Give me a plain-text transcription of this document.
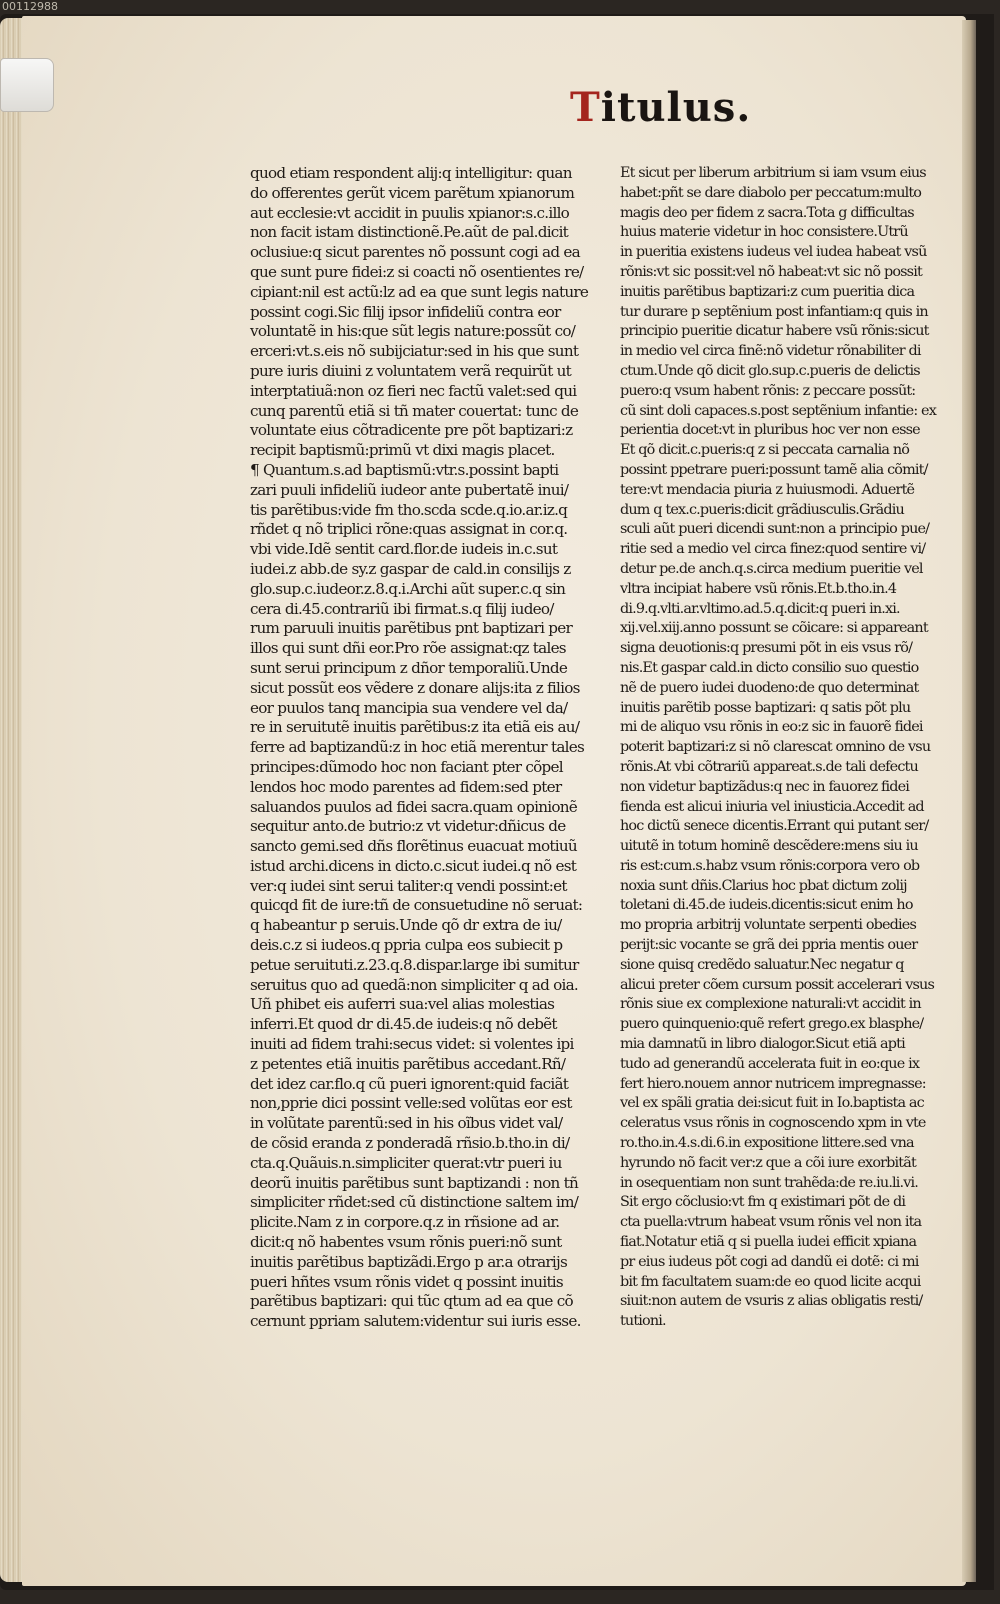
00112988
Titulus.
quod etiam respondent alij:q intelligitur: quan
do offerentes gerũt vicem parẽtum xpianorum
aut ecclesie:vt accidit in puulis xpianor:s.c.illo
non facit istam distinctionẽ.Pe.aũt de pal.dicit
oclusiue:q sicut parentes nõ possunt cogi ad ea
que sunt pure fidei:z si coacti nõ osentientes re/
cipiant:nil est actũ:lz ad ea que sunt legis nature
possint cogi.Sic filij ipsor infideliũ contra eor
voluntatẽ in his:que sũt legis nature:possũt co/
erceri:vt.s.eis nõ subijciatur:sed in his que sunt
pure iuris diuini z voluntatem verã requirũt ut
interptatiuã:non oz fieri nec factũ valet:sed qui
cunq parentũ etiã si tñ mater couertat: tunc de
voluntate eius cõtradicente pre põt baptizari:z
recipit baptismũ:primũ vt dixi magis placet.
¶ Quantum.s.ad baptismũ:vtr.s.possint bapti
zari puuli infideliũ iudeor ante pubertatẽ inui/
tis parẽtibus:vide fm tho.scda scde.q.io.ar.iz.q
rñdet q nõ triplici rõne:quas assignat in cor.q.
vbi vide.Idẽ sentit card.flor.de iudeis in.c.sut
iudei.z abb.de sy.z gaspar de cald.in consilijs z
glo.sup.c.iudeor.z.8.q.i.Archi aũt super.c.q sin
cera di.45.contrariũ ibi firmat.s.q filij iudeo/
rum paruuli inuitis parẽtibus pnt baptizari per
illos qui sunt dñi eor.Pro rõe assignat:qz tales
sunt serui principum z dñor temporaliũ.Unde
sicut possũt eos vẽdere z donare alijs:ita z filios
eor puulos tanq mancipia sua vendere vel da/
re in seruitutẽ inuitis parẽtibus:z ita etiã eis au/
ferre ad baptizandũ:z in hoc etiã merentur tales
principes:dũmodo hoc non faciant pter cõpel
lendos hoc modo parentes ad fidem:sed pter
saluandos puulos ad fidei sacra.quam opinionẽ
sequitur anto.de butrio:z vt videtur:dñicus de
sancto gemi.sed dñs florẽtinus euacuat motiuũ
istud archi.dicens in dicto.c.sicut iudei.q nõ est
ver:q iudei sint serui taliter:q vendi possint:et
quicqd fit de iure:tñ de consuetudine nõ seruat:
q habeantur p seruis.Unde qõ dr extra de iu/
deis.c.z si iudeos.q ppria culpa eos subiecit p
petue seruituti.z.23.q.8.dispar.large ibi sumitur
seruitus quo ad quedã:non simpliciter q ad oia.
Uñ phibet eis auferri sua:vel alias molestias
inferri.Et quod dr di.45.de iudeis:q nõ debẽt
inuiti ad fidem trahi:secus videt: si volentes ipi
z petentes etiã inuitis parẽtibus accedant.Rñ/
det idez car.flo.q cũ pueri ignorent:quid faciãt
non,pprie dici possint velle:sed volũtas eor est
in volũtate parentũ:sed in his oĩbus videt val/
de cõsid eranda z ponderadã rñsio.b.tho.in di/
cta.q.Quãuis.n.simpliciter querat:vtr pueri iu
deorũ inuitis parẽtibus sunt baptizandi : non tñ
simpliciter rñdet:sed cũ distinctione saltem im/
plicite.Nam z in corpore.q.z in rñsione ad ar.
dicit:q nõ habentes vsum rõnis pueri:nõ sunt
inuitis parẽtibus baptizãdi.Ergo p ar.a otrarijs
pueri hñtes vsum rõnis videt q possint inuitis
parẽtibus baptizari: qui tũc qtum ad ea que cõ
cernunt ppriam salutem:videntur sui iuris esse.
Et sicut per liberum arbitrium si iam vsum eius
habet:pñt se dare diabolo per peccatum:multo
magis deo per fidem z sacra.Tota g difficultas
huius materie videtur in hoc consistere.Utrũ
in pueritia existens iudeus vel iudea habeat vsũ
rõnis:vt sic possit:vel nõ habeat:vt sic nõ possit
inuitis parẽtibus baptizari:z cum pueritia dica
tur durare p septẽnium post infantiam:q quis in
principio pueritie dicatur habere vsũ rõnis:sicut
in medio vel circa finẽ:nõ videtur rõnabiliter di
ctum.Unde qõ dicit glo.sup.c.pueris de delictis
puero:q vsum habent rõnis: z peccare possũt:
cũ sint doli capaces.s.post septẽnium infantie: ex
perientia docet:vt in pluribus hoc ver non esse
Et qõ dicit.c.pueris:q z si peccata carnalia nõ
possint ppetrare pueri:possunt tamẽ alia cõmit/
tere:vt mendacia piuria z huiusmodi. Aduertẽ
dum q tex.c.pueris:dicit grãdiusculis.Grãdiu
sculi aũt pueri dicendi sunt:non a principio pue/
ritie sed a medio vel circa finez:quod sentire vi/
detur pe.de anch.q.s.circa medium pueritie vel
vltra incipiat habere vsũ rõnis.Et.b.tho.in.4
di.9.q.vlti.ar.vltimo.ad.5.q.dicit:q pueri in.xi.
xij.vel.xiij.anno possunt se cõicare: si appareant
signa deuotionis:q presumi põt in eis vsus rõ/
nis.Et gaspar cald.in dicto consilio suo questio
nẽ de puero iudei duodeno:de quo determinat
inuitis parẽtib posse baptizari: q satis põt plu
mi de aliquo vsu rõnis in eo:z sic in fauorẽ fidei
poterit baptizari:z si nõ clarescat omnino de vsu
rõnis.At vbi cõtrariũ appareat.s.de tali defectu
non videtur baptizãdus:q nec in fauorez fidei
fienda est alicui iniuria vel iniusticia.Accedit ad
hoc dictũ senece dicentis.Errant qui putant ser/
uitutẽ in totum hominẽ descẽdere:mens siu iu
ris est:cum.s.habz vsum rõnis:corpora vero ob
noxia sunt dñis.Clarius hoc pbat dictum zolij
toletani di.45.de iudeis.dicentis:sicut enim ho
mo propria arbitrij voluntate serpenti obedies
perijt:sic vocante se grã dei ppria mentis ouer
sione quisq credẽdo saluatur.Nec negatur q
alicui preter cõem cursum possit accelerari vsus
rõnis siue ex complexione naturali:vt accidit in
puero quinquenio:quẽ refert grego.ex blasphe/
mia damnatũ in libro dialogor.Sicut etiã apti
tudo ad generandũ accelerata fuit in eo:que ix
fert hiero.nouem annor nutricem impregnasse:
vel ex spãli gratia dei:sicut fuit in Io.baptista ac
celeratus vsus rõnis in cognoscendo xpm in vte
ro.tho.in.4.s.di.6.in expositione littere.sed vna
hyrundo nõ facit ver:z que a cõi iure exorbitãt
in osequentiam non sunt trahẽda:de re.iu.li.vi.
Sit ergo cõclusio:vt fm q existimari põt de di
cta puella:vtrum habeat vsum rõnis vel non ita
fiat.Notatur etiã q si puella iudei efficit xpiana
pr eius iudeus põt cogi ad dandũ ei dotẽ: ci mi
bit fm facultatem suam:de eo quod licite acqui
siuit:non autem de vsuris z alias obligatis resti/
tutioni.
